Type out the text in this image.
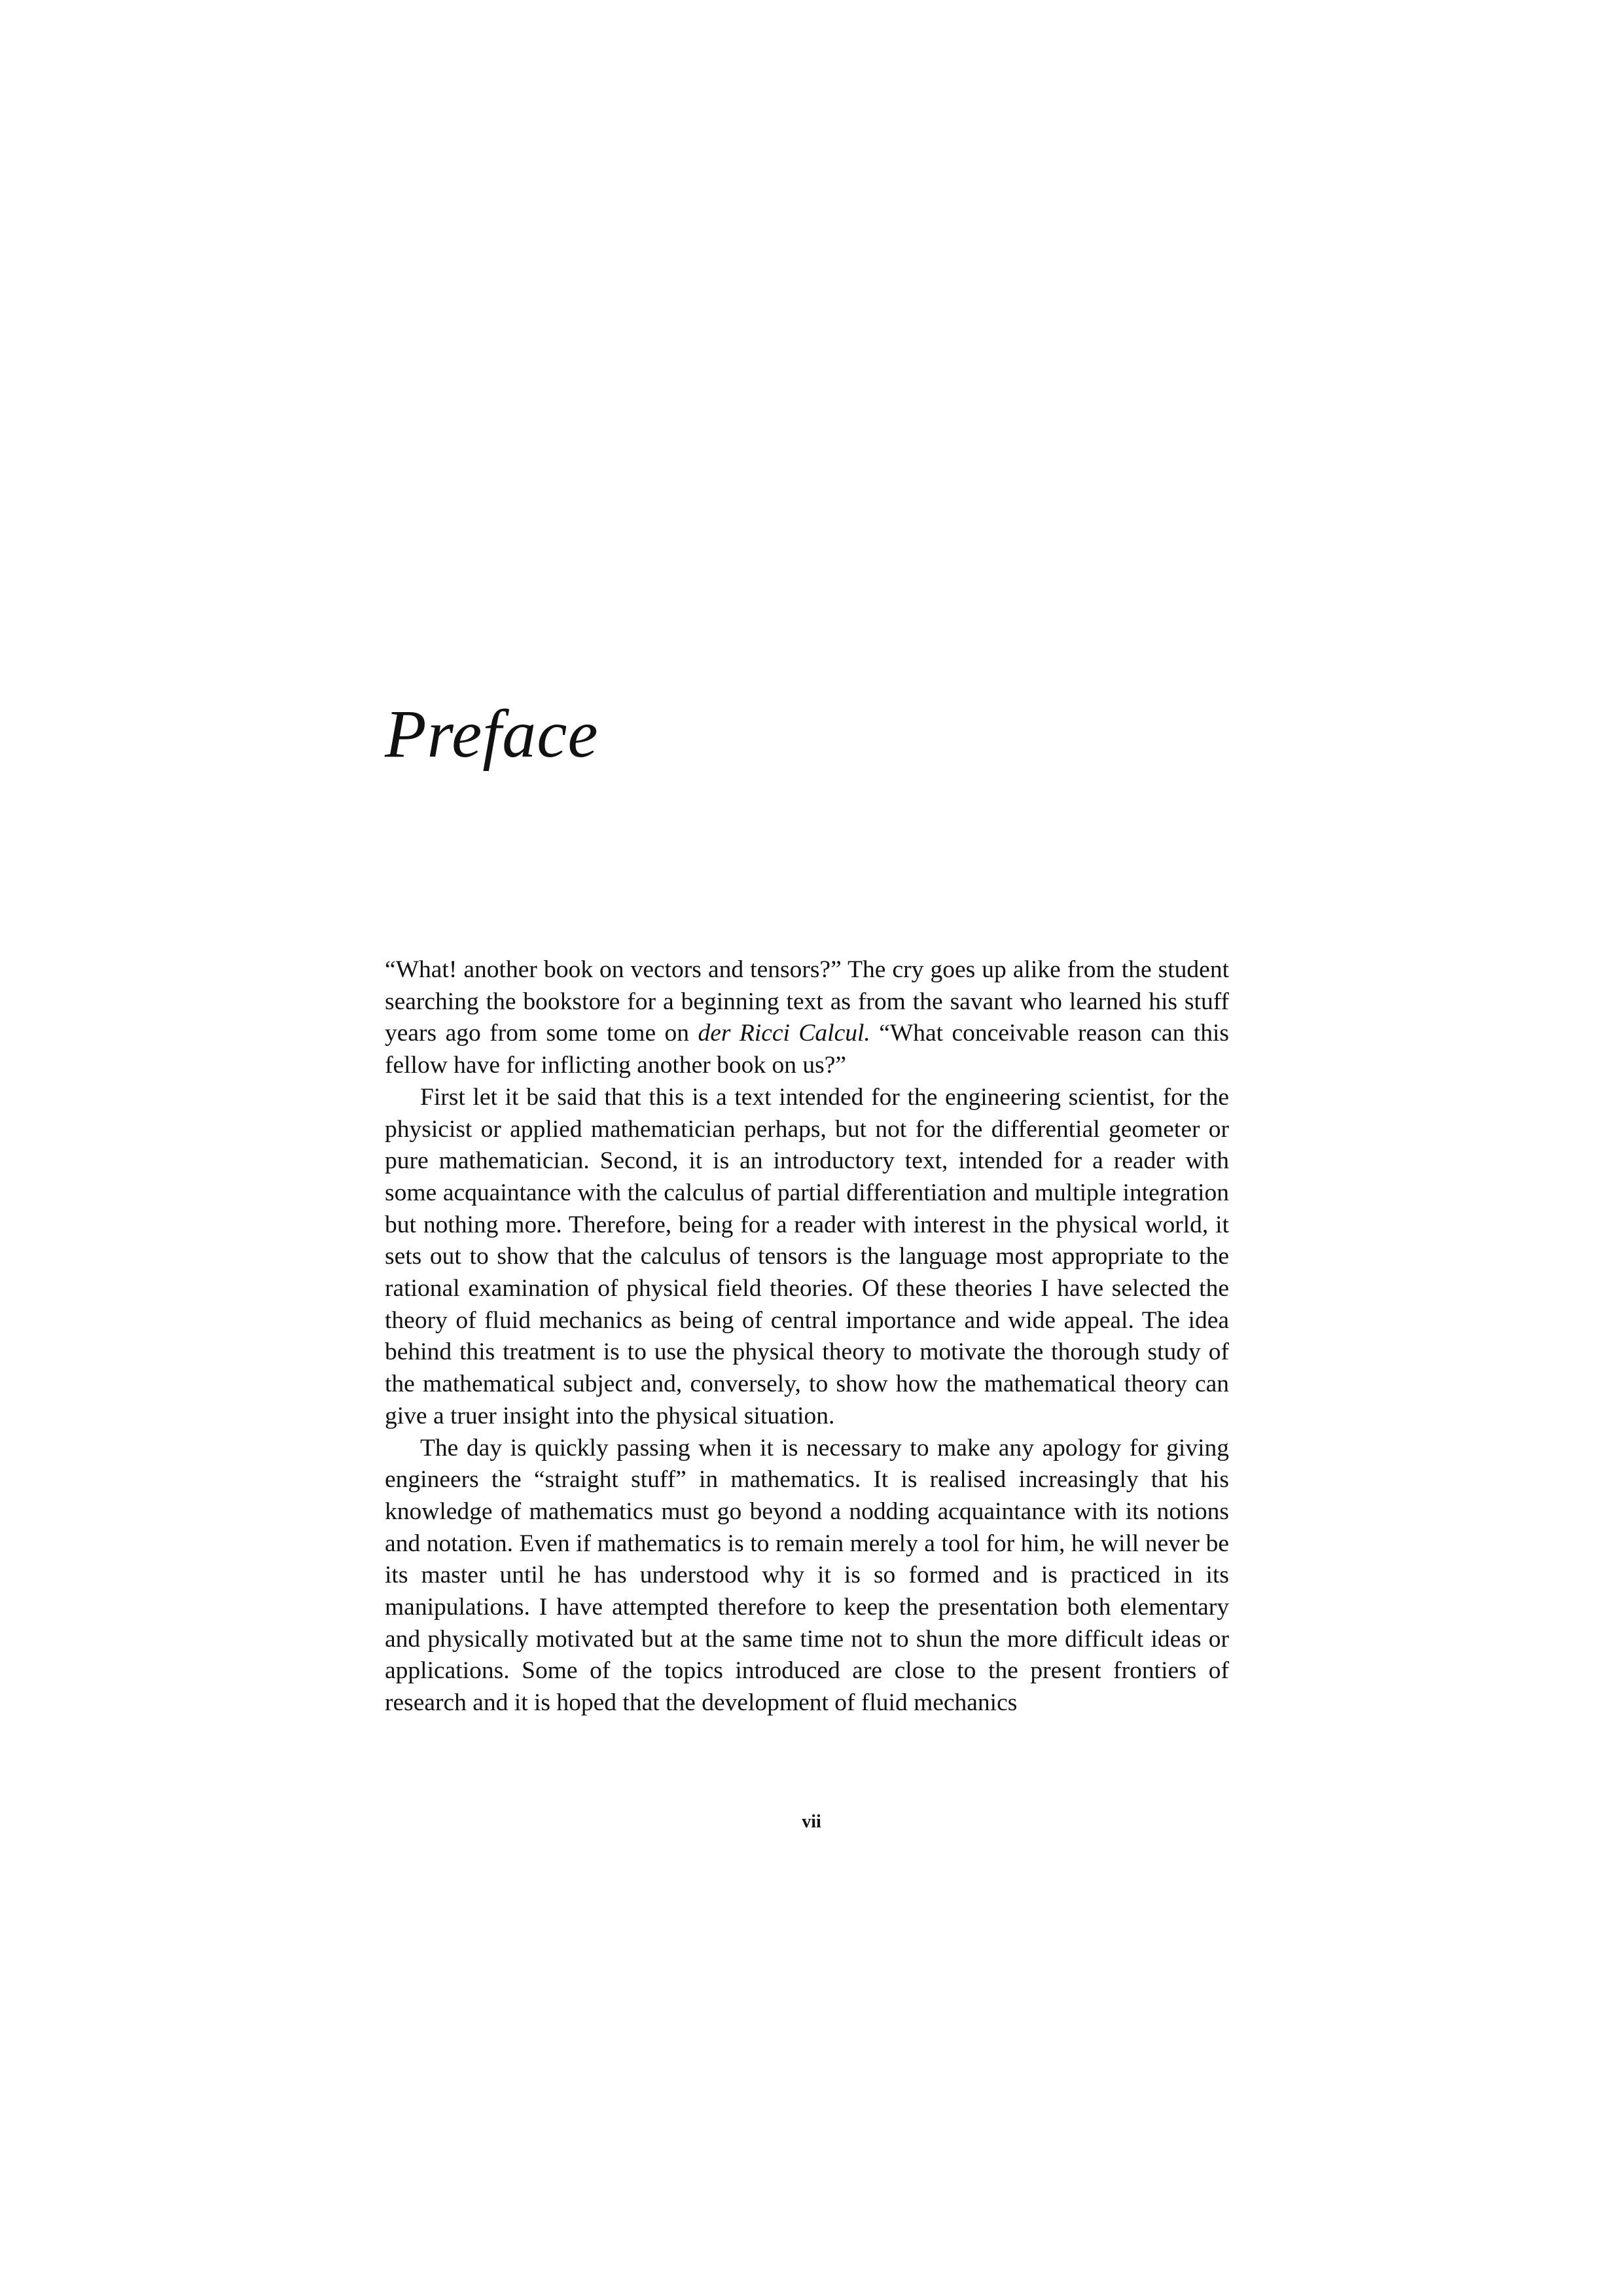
Preface

“What! another book on vectors and tensors?” The cry goes up alike from the student searching the bookstore for a beginning text as from the savant who learned his stuff years ago from some tome on der Ricci Calcul. “What conceivable reason can this fellow have for inflicting another book on us?”

First let it be said that this is a text intended for the engineering scientist, for the physicist or applied mathematician perhaps, but not for the differential geometer or pure mathematician. Second, it is an introductory text, intended for a reader with some acquaintance with the calculus of partial differentiation and multiple integration but nothing more. Therefore, being for a reader with interest in the physical world, it sets out to show that the calculus of tensors is the language most appropriate to the rational examination of physical field theories. Of these theories I have selected the theory of fluid mechanics as being of central importance and wide appeal. The idea behind this treatment is to use the physical theory to motivate the thorough study of the mathematical subject and, conversely, to show how the mathematical theory can give a truer insight into the physical situation.

The day is quickly passing when it is necessary to make any apology for giving engineers the “straight stuff” in mathematics. It is realised increasingly that his knowledge of mathematics must go beyond a nodding acquaintance with its notions and notation. Even if mathematics is to remain merely a tool for him, he will never be its master until he has understood why it is so formed and is practiced in its manipulations. I have attempted therefore to keep the presentation both elementary and physically motivated but at the same time not to shun the more difficult ideas or applications. Some of the topics introduced are close to the present frontiers of research and it is hoped that the development of fluid mechanics

vii
